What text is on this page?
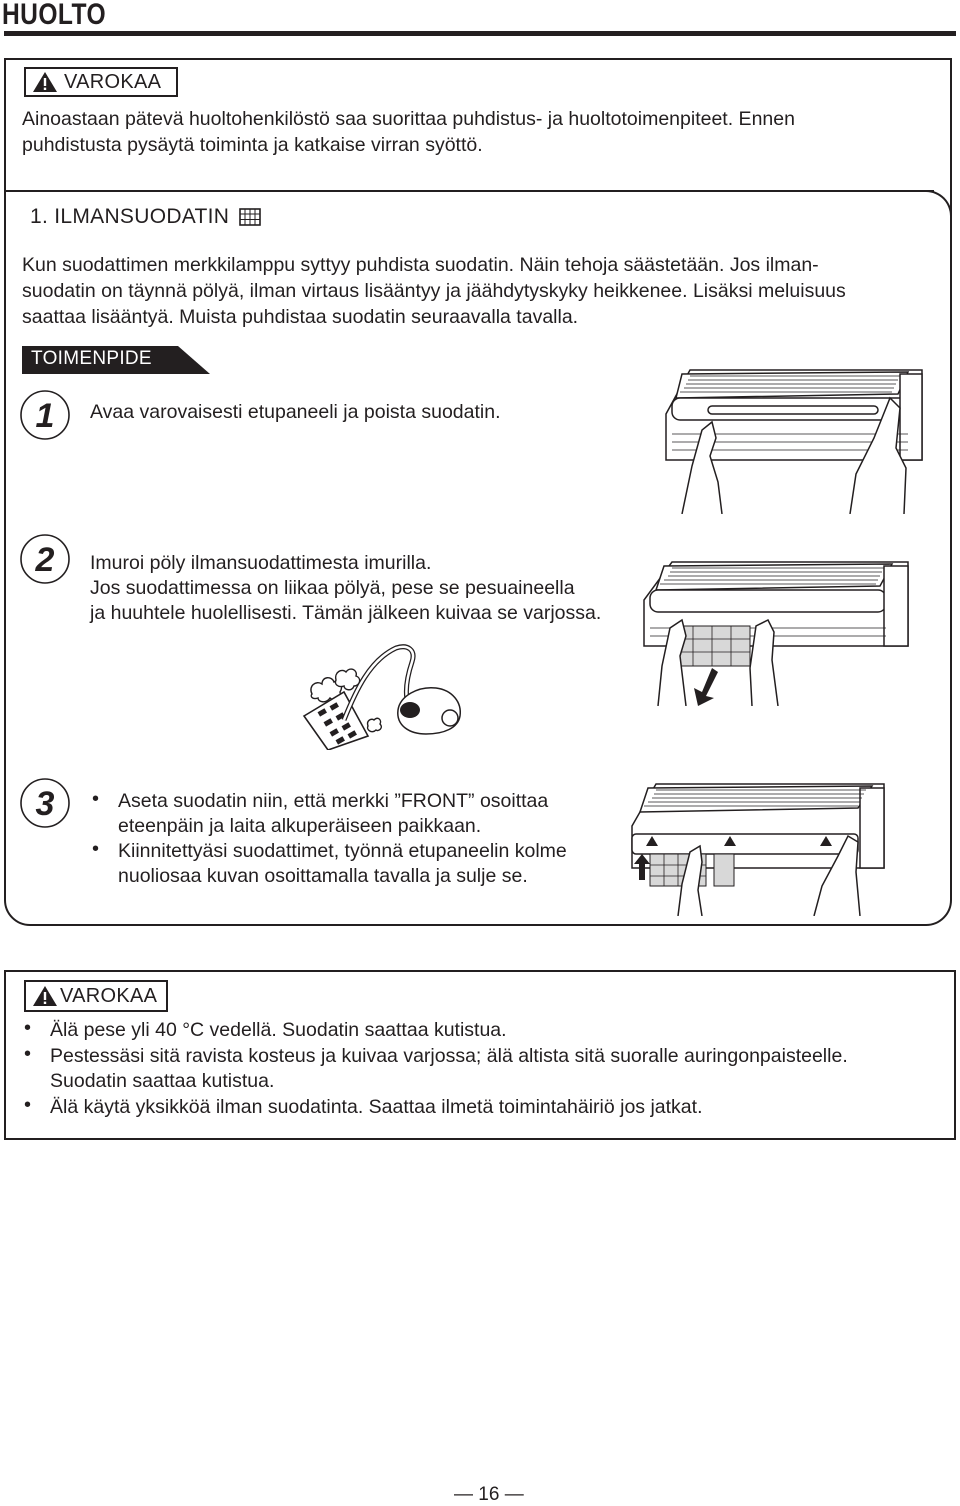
HUOLTO
VAROKAA
Ainoastaan pätevä huoltohenkilöstö saa suorittaa puhdistus- ja huoltotoimenpiteet. Ennen
puhdistusta pysäytä toiminta ja katkaise virran syöttö.
1. ILMANSUODATIN
Kun suodattimen merkkilamppu syttyy puhdista suodatin. Näin tehoja säästetään. Jos ilman-
suodatin on täynnä pölyä, ilman virtaus lisääntyy ja jäähdytyskyky heikkenee. Lisäksi meluisuus
saattaa lisääntyä. Muista puhdistaa suodatin seuraavalla tavalla.
TOIMENPIDE
1 Avaa varovaisesti etupaneeli ja poista suodatin.
2 Imuroi pöly ilmansuodattimesta imurilla.
Jos suodattimessa on liikaa pölyä, pese se pesuaineella
ja huuhtele huolellisesti. Tämän jälkeen kuivaa se varjossa.
3 • Aseta suodatin niin, että merkki ”FRONT” osoittaa
eteenpäin ja laita alkuperäiseen paikkaan.
• Kiinnitettyäsi suodattimet, työnnä etupaneelin kolme
nuoliosaa kuvan osoittamalla tavalla ja sulje se.
VAROKAA
• Älä pese yli 40 °C vedellä. Suodatin saattaa kutistua.
• Pestessäsi sitä ravista kosteus ja kuivaa varjossa; älä altista sitä suoralle auringonpaisteelle.
Suodatin saattaa kutistua.
• Älä käytä yksikköä ilman suodatinta. Saattaa ilmetä toimintahäiriö jos jatkat.
— 16 —
